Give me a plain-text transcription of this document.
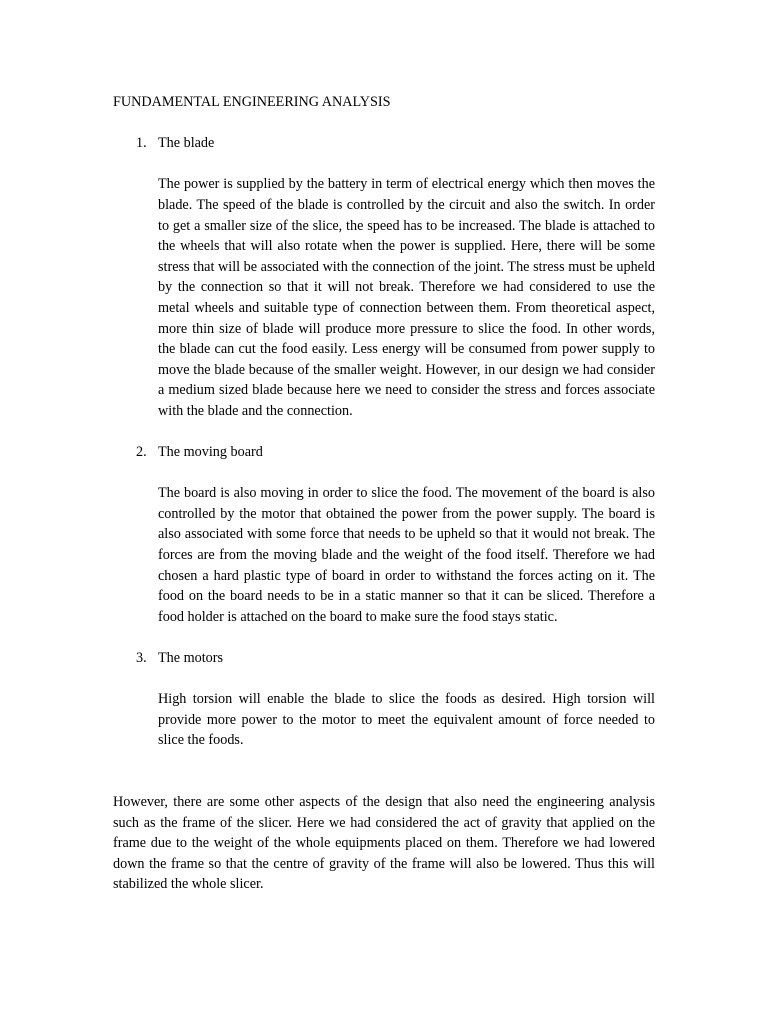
FUNDAMENTAL ENGINEERING ANALYSIS
1. The blade

The power is supplied by the battery in term of electrical energy which then moves the blade. The speed of the blade is controlled by the circuit and also the switch. In order to get a smaller size of the slice, the speed has to be increased. The blade is attached to the wheels that will also rotate when the power is supplied. Here, there will be some stress that will be associated with the connection of the joint. The stress must be upheld by the connection so that it will not break. Therefore we had considered to use the metal wheels and suitable type of connection between them. From theoretical aspect, more thin size of blade will produce more pressure to slice the food. In other words, the blade can cut the food easily. Less energy will be consumed from power supply to move the blade because of the smaller weight. However, in our design we had consider a medium sized blade because here we need to consider the stress and forces associate with the blade and the connection.

2. The moving board

The board is also moving in order to slice the food. The movement of the board is also controlled by the motor that obtained the power from the power supply. The board is also associated with some force that needs to be upheld so that it would not break. The forces are from the moving blade and the weight of the food itself. Therefore we had chosen a hard plastic type of board in order to withstand the forces acting on it. The food on the board needs to be in a static manner so that it can be sliced. Therefore a food holder is attached on the board to make sure the food stays static.

3. The motors

High torsion will enable the blade to slice the foods as desired. High torsion will provide more power to the motor to meet the equivalent amount of force needed to slice the foods.

However, there are some other aspects of the design that also need the engineering analysis such as the frame of the slicer. Here we had considered the act of gravity that applied on the frame due to the weight of the whole equipments placed on them. Therefore we had lowered down the frame so that the centre of gravity of the frame will also be lowered. Thus this will stabilized the whole slicer.
